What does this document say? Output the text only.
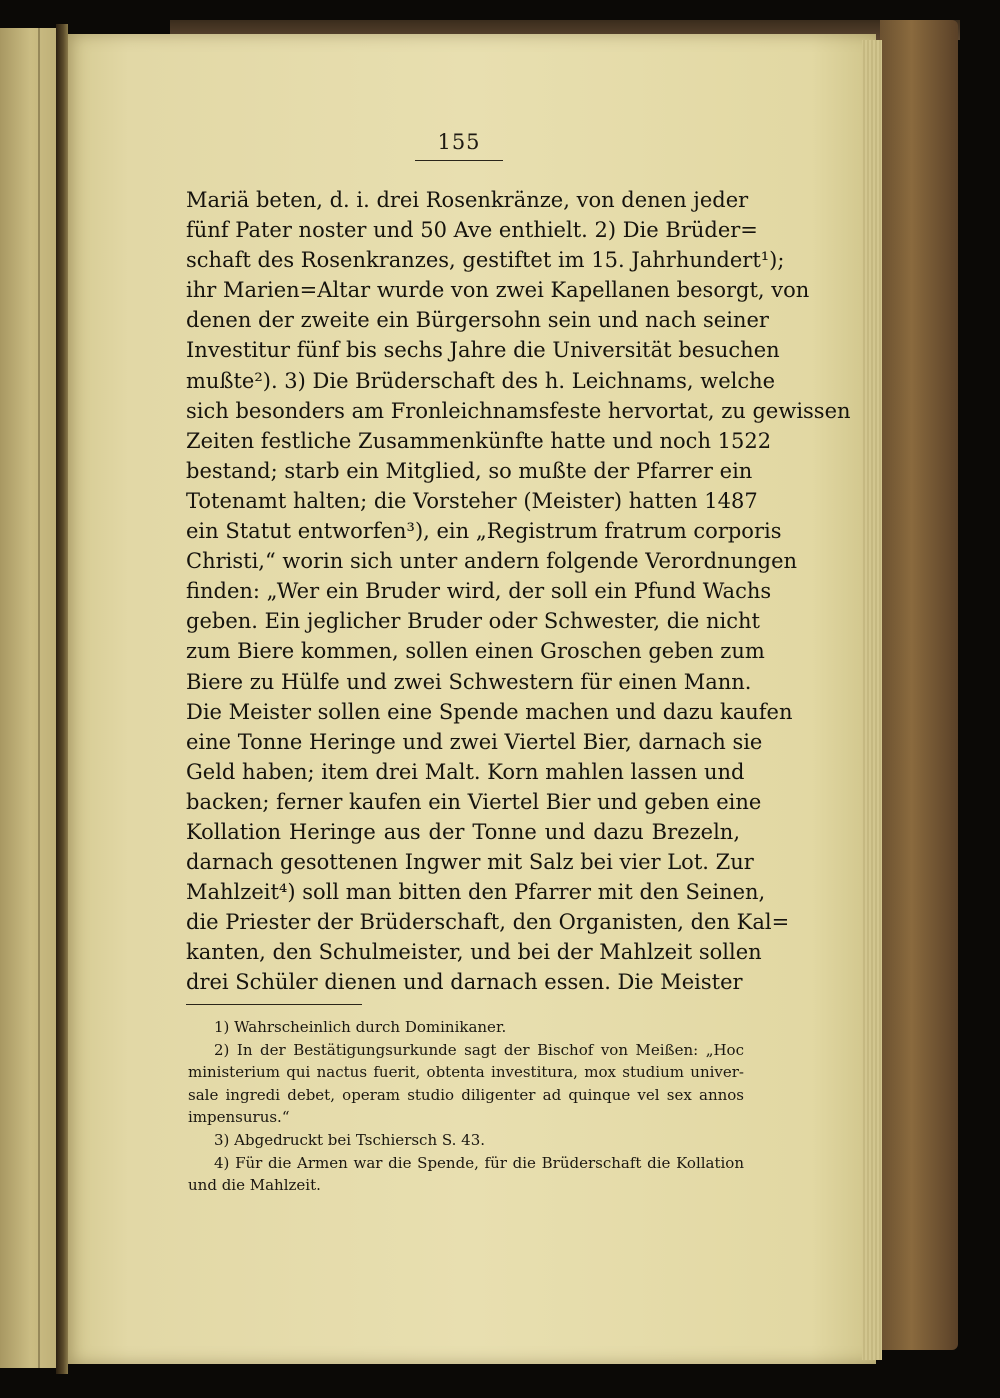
155
Mariä beten, d. i. drei Rosenkränze, von denen jeder
fünf Pater noster und 50 Ave enthielt. 2) Die Brüder=
schaft des Rosenkranzes, gestiftet im 15. Jahrhundert¹);
ihr Marien=Altar wurde von zwei Kapellanen besorgt, von
denen der zweite ein Bürgersohn sein und nach seiner
Investitur fünf bis sechs Jahre die Universität besuchen
mußte²). 3) Die Brüderschaft des h. Leichnams, welche
sich besonders am Fronleichnamsfeste hervortat, zu gewissen
Zeiten festliche Zusammenkünfte hatte und noch 1522
bestand; starb ein Mitglied, so mußte der Pfarrer ein
Totenamt halten; die Vorsteher (Meister) hatten 1487
ein Statut entworfen³), ein „Registrum fratrum corporis
Christi,“ worin sich unter andern folgende Verordnungen
finden: „Wer ein Bruder wird, der soll ein Pfund Wachs
geben. Ein jeglicher Bruder oder Schwester, die nicht
zum Biere kommen, sollen einen Groschen geben zum
Biere zu Hülfe und zwei Schwestern für einen Mann.
Die Meister sollen eine Spende machen und dazu kaufen
eine Tonne Heringe und zwei Viertel Bier, darnach sie
Geld haben; item drei Malt. Korn mahlen lassen und
backen; ferner kaufen ein Viertel Bier und geben eine
Kollation Heringe aus der Tonne und dazu Brezeln,
darnach gesottenen Ingwer mit Salz bei vier Lot. Zur
Mahlzeit⁴) soll man bitten den Pfarrer mit den Seinen,
die Priester der Brüderschaft, den Organisten, den Kal=
kanten, den Schulmeister, und bei der Mahlzeit sollen
drei Schüler dienen und darnach essen. Die Meister
1) Wahrscheinlich durch Dominikaner.
2) In der Bestätigungsurkunde sagt der Bischof von Meißen: „Hoc
ministerium qui nactus fuerit, obtenta investitura, mox studium univer-
sale ingredi debet, operam studio diligenter ad quinque vel sex annos
impensurus.“
3) Abgedruckt bei Tschiersch S. 43.
4) Für die Armen war die Spende, für die Brüderschaft die Kollation
und die Mahlzeit.
